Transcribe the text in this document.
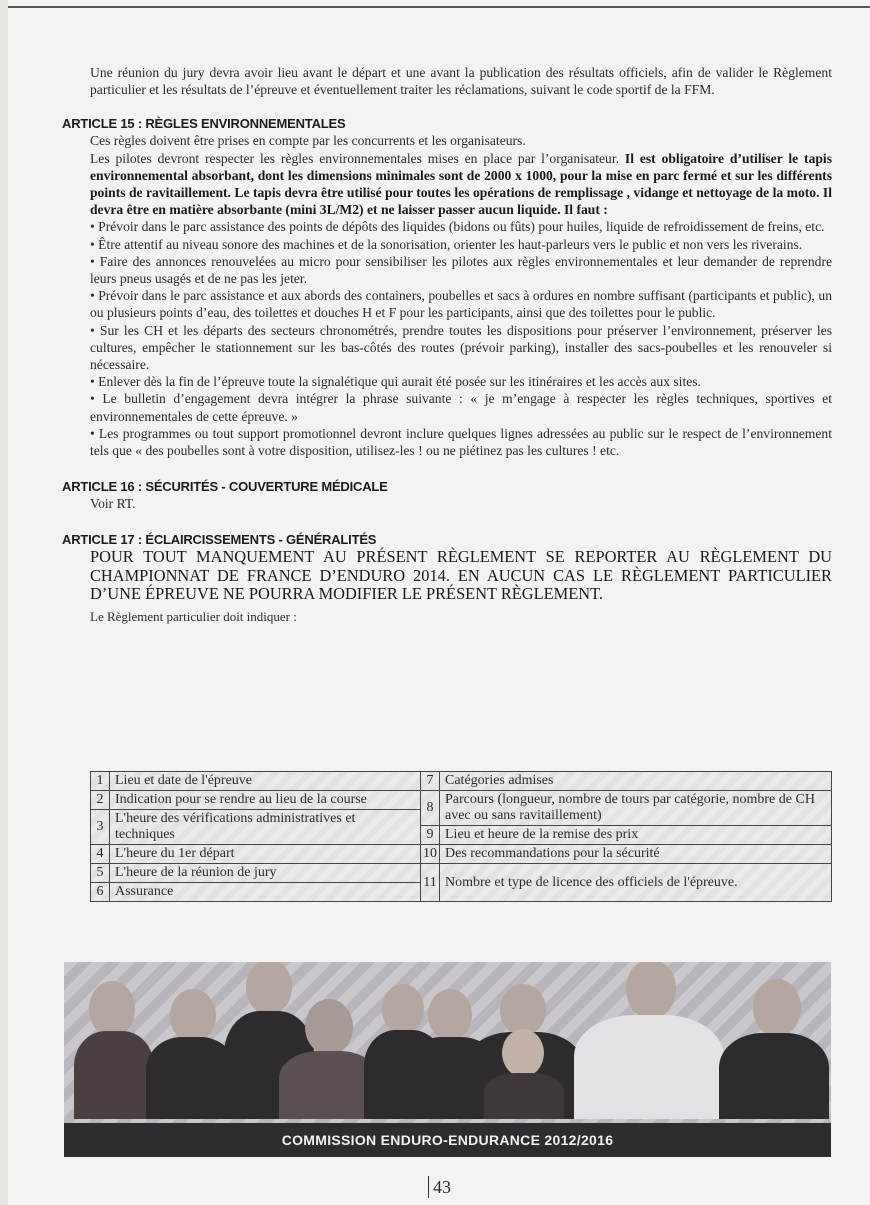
Une réunion du jury devra avoir lieu avant le départ et une avant la publication des résultats officiels, afin de valider le Règlement particulier et les résultats de l’épreuve et éventuellement traiter les réclamations, suivant le code sportif de la FFM.

ARTICLE 15 : RÈGLES ENVIRONNEMENTALES

Ces règles doivent être prises en compte par les concurrents et les organisateurs.

Les pilotes devront respecter les règles environnementales mises en place par l’organisateur. Il est obligatoire d’utiliser le tapis environnemental absorbant, dont les dimensions minimales sont de 2000 x 1000, pour la mise en parc fermé et sur les différents points de ravitaillement. Le tapis devra être utilisé pour toutes les opérations de remplissage , vidange et nettoyage de la moto. Il devra être en matière absorbante (mini 3L/M2) et ne laisser passer aucun liquide. Il faut :

• Prévoir dans le parc assistance des points de dépôts des liquides (bidons ou fûts) pour huiles, liquide de refroidissement de freins, etc.

• Être attentif au niveau sonore des machines et de la sonorisation, orienter les haut-parleurs vers le public et non vers les riverains.

• Faire des annonces renouvelées au micro pour sensibiliser les pilotes aux règles environnementales et leur demander de reprendre leurs pneus usagés et de ne pas les jeter.

• Prévoir dans le parc assistance et aux abords des containers, poubelles et sacs à ordures en nombre suffisant (participants et public), un ou plusieurs points d’eau, des toilettes et douches H et F pour les participants, ainsi que des toilettes pour le public.

• Sur les CH et les départs des secteurs chronométrés, prendre toutes les dispositions pour préserver l’environnement, préserver les cultures, empêcher le stationnement sur les bas-côtés des routes (prévoir parking), installer des sacs-poubelles et les renouveler si nécessaire.

• Enlever dès la fin de l’épreuve toute la signalétique qui aurait été posée sur les itinéraires et les accès aux sites.

• Le bulletin d’engagement devra intégrer la phrase suivante : « je m’engage à respecter les règles techniques, sportives et environnementales de cette épreuve. »

• Les programmes ou tout support promotionnel devront inclure quelques lignes adressées au public sur le respect de l’environnement tels que « des poubelles sont à votre disposition, utilisez-les ! ou ne piétinez pas les cultures ! etc.

ARTICLE 16 : SÉCURITÉS - COUVERTURE MÉDICALE

Voir RT.

ARTICLE 17 : ÉCLAIRCISSEMENTS - GÉNÉRALITÉS

POUR TOUT MANQUEMENT AU PRÉSENT RÈGLEMENT SE REPORTER AU RÈGLEMENT DU CHAMPIONNAT DE FRANCE D’ENDURO 2014. EN AUCUN CAS LE RÈGLEMENT PARTICULIER D’UNE ÉPREUVE NE POURRA MODIFIER LE PRÉSENT RÈGLEMENT.

Le Règlement particulier doit indiquer :

1	Lieu et date de l'épreuve	7	Catégories admises
2	Indication pour se rendre au lieu de la course	8	Parcours (longueur, nombre de tours par catégorie, nombre de CH avec ou sans ravitaillement)
3	L'heure des vérifications administratives et techniques		
		9	Lieu et heure de la remise des prix
4	L'heure du 1er départ	10	Des recommandations pour la sécurité
5	L'heure de la réunion de jury	11	Nombre et type de licence des officiels de l'épreuve.
6	Assurance		
COMMISSION ENDURO-ENDURANCE 2012/2016
43
